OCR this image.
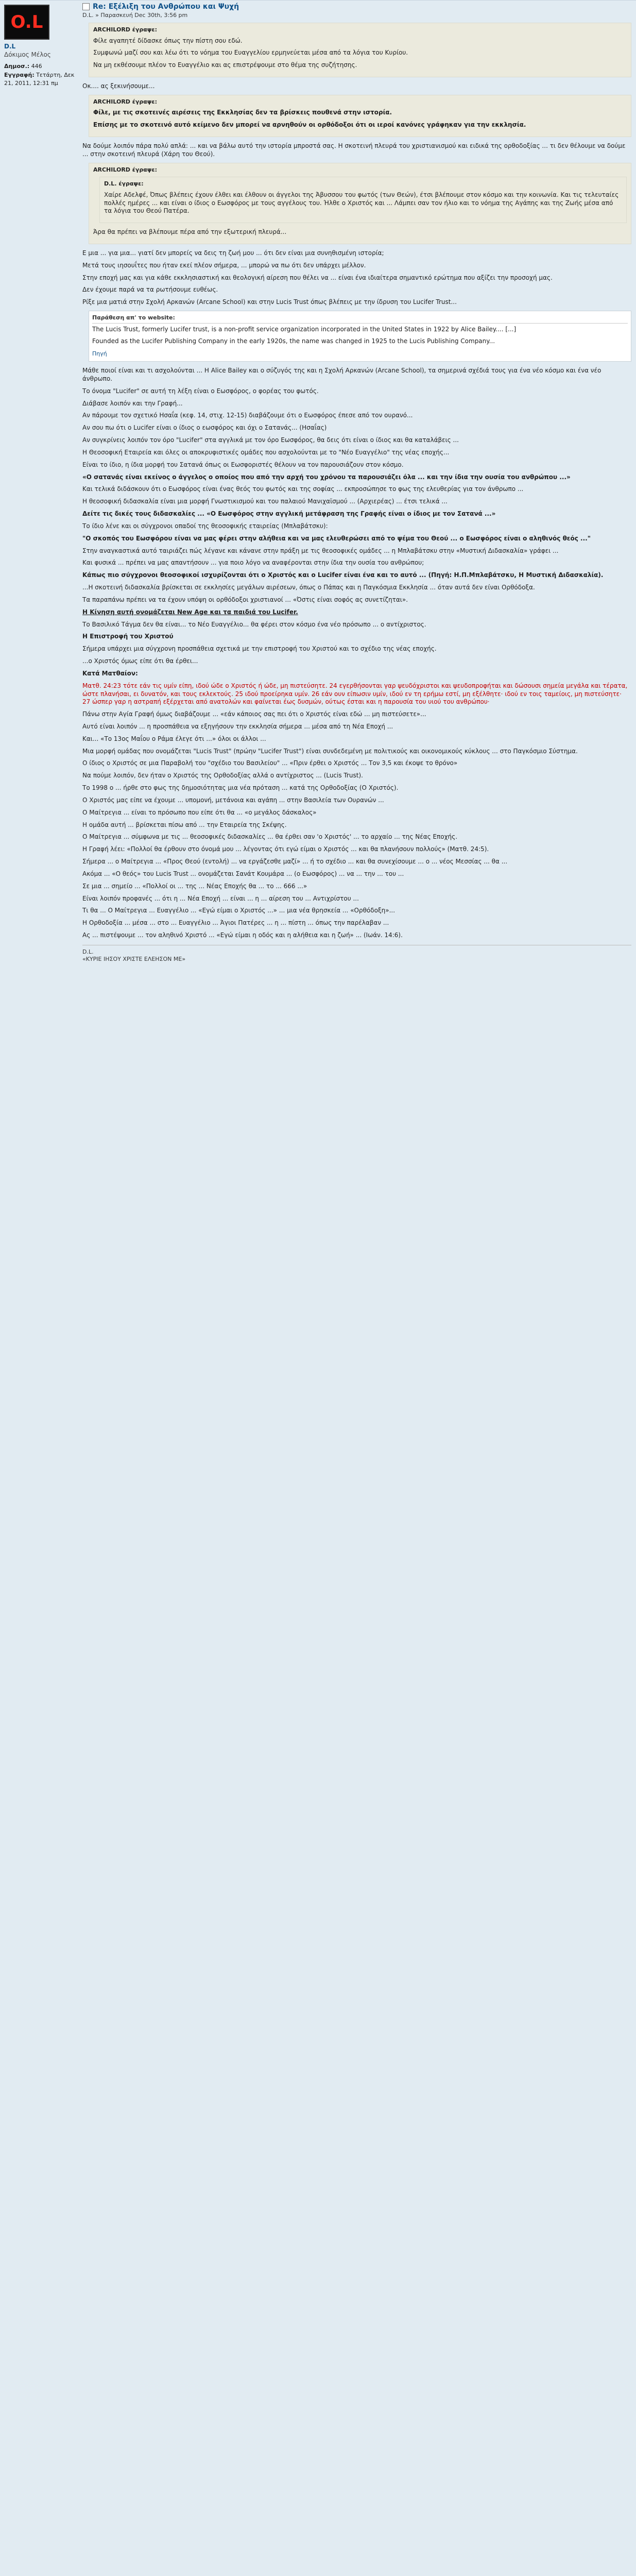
O.L
D.L
Δόκιμος Μέλος
Δημοσ.: 446
Εγγραφή: Τετάρτη, Δεκ 21, 2011, 12:31 πμ
Re: Εξέλιξη του Ανθρώπου και Ψυχή
D.L. » Παρασκευή Dec 30th, 3:56 pm
ARCHILORD έγραψε:

Φίλε αγαπητέ δίδασκε όπως την πίστη σου εδώ.

Συμφωνώ μαζί σου και λέω ότι το νόημα του Ευαγγελίου ερμηνεύεται μέσα από τα λόγια του Κυρίου.

Να μη εκθέσουμε πλέον το Ευαγγέλιο και ας επιστρέψουμε στο θέμα της συζήτησης.

Οκ.... ας ξεκινήσουμε...

ARCHILORD έγραψε:

Φίλε, με τις σκοτεινές αιρέσεις της Εκκλησίας δεν τα βρίσκεις πουθενά στην ιστορία.

Επίσης με το σκοτεινό αυτό κείμενο δεν μπορεί να αρνηθούν οι ορθόδοξοι ότι οι ιεροί κανόνες γράφηκαν για την εκκλησία.

Να δούμε λοιπόν πάρα πολύ απλά: ... και να βάλω αυτό την ιστορία μπροστά σας. Η σκοτεινή πλευρά του χριστιανισμού και ειδικά της ορθοδοξίας ... τι δεν θέλουμε να δούμε ... στην σκοτεινή πλευρά (Χάρη του Θεού).

ARCHILORD έγραψε:
D.L. έγραψε:

Χαίρε Αδελφέ, Όπως βλέπεις έχουν έλθει και έλθουν οι άγγελοι της Άβυσσου του φωτός (των Θεών), έτσι βλέπουμε στον κόσμο και την κοινωνία. Και τις τελευταίες πολλές ημέρες ... και είναι ο ίδιος ο Εωσφόρος με τους αγγέλους του. Ήλθε ο Χριστός και ... Λάμπει σαν τον ήλιο και το νόημα της Αγάπης και της Ζωής μέσα από τα λόγια του Θεού Πατέρα.

Άρα θα πρέπει να βλέπουμε πέρα από την εξωτερική πλευρά...

Ε μια ... για μια... γιατί δεν μπορείς να δεις τη ζωή μου ... ότι δεν είναι μια συνηθισμένη ιστορία;

Μετά τους ιησουΐτες που ήταν εκεί πλέον σήμερα, ... μπορώ να πω ότι δεν υπάρχει μέλλον.

Στην εποχή μας και για κάθε εκκλησιαστική και θεολογική αίρεση που θέλει να ... είναι ένα ιδιαίτερα σημαντικό ερώτημα που αξίζει την προσοχή μας.

Δεν έχουμε παρά να τα ρωτήσουμε ευθέως.

Ρίξε μια ματιά στην Σχολή Αρκανών (Arcane School) και στην Lucis Trust όπως βλέπεις με την ίδρυση του Lucifer Trust...

Παράθεση απ' το website:

The Lucis Trust, formerly Lucifer trust, is a non-profit service organization incorporated in the United States in 1922 by Alice Bailey.... [...]

Founded as the Lucifer Publishing Company in the early 1920s, the name was changed in 1925 to the Lucis Publishing Company...

Πηγή

Μάθε ποιοί είναι και τι ασχολούνται ... Η Alice Bailey και ο σύζυγός της και η Σχολή Αρκανών (Arcane School), τα σημερινά σχέδιά τους για ένα νέο κόσμο και ένα νέο άνθρωπο.

Το όνομα "Lucifer" σε αυτή τη λέξη είναι ο Εωσφόρος, ο φορέας του φωτός.

Διάβασε λοιπόν και την Γραφή...

Αν πάρουμε τον σχετικό Ησαΐα (κεφ. 14, στιχ. 12-15) διαβάζουμε ότι ο Εωσφόρος έπεσε από τον ουρανό...

Αν σου πω ότι ο Lucifer είναι ο ίδιος ο εωσφόρος και όχι ο Σατανάς... (Ησαΐας)

Αν συγκρίνεις λοιπόν τον όρο "Lucifer" στα αγγλικά με τον όρο Εωσφόρος, θα δεις ότι είναι ο ίδιος και θα καταλάβεις ...

Η Θεοσοφική Εταιρεία και όλες οι αποκρυφιστικές ομάδες που ασχολούνται με το "Νέο Ευαγγέλιο" της νέας εποχής...

Είναι το ίδιο, η ίδια μορφή του Σατανά όπως οι Εωσφοριστές θέλουν να τον παρουσιάζουν στον κόσμο.

«Ο σατανάς είναι εκείνος ο άγγελος ο οποίος που από την αρχή του χρόνου τα παρουσιάζει όλα ... και την ίδια την ουσία του ανθρώπου ...»

Και τελικά διδάσκουν ότι ο Εωσφόρος είναι ένας θεός του φωτός και της σοφίας ... εκπροσώπησε το φως της ελευθερίας για τον άνθρωπο ...

Η θεοσοφική διδασκαλία είναι μια μορφή Γνωστικισμού και του παλαιού Μανιχαϊσμού ... (Αρχιερέας) ... έτσι τελικά ...

Δείτε τις δικές τους διδασκαλίες ... «Ο Εωσφόρος στην αγγλική μετάφραση της Γραφής είναι ο ίδιος με τον Σατανά ...»

Το ίδιο λένε και οι σύγχρονοι οπαδοί της θεοσοφικής εταιρείας (Μπλαβάτσκυ):

"Ο σκοπός του Εωσφόρου είναι να μας φέρει στην αλήθεια και να μας ελευθερώσει από το ψέμα του Θεού ... ο Εωσφόρος είναι ο αληθινός θεός ..."

Στην αναγκαστικά αυτό ταιριάζει πώς λέγανε και κάνανε στην πράξη με τις θεοσοφικές ομάδες ... η Μπλαβάτσκυ στην «Μυστική Διδασκαλία» γράφει ...

Και φυσικά ... πρέπει να μας απαντήσουν ... για ποιο λόγο να αναφέρονται στην ίδια την ουσία του ανθρώπου;

Κάπως πιο σύγχρονοι θεοσοφικοί ισχυρίζονται ότι ο Χριστός και ο Lucifer είναι ένα και το αυτό ... (Πηγή: Η.Π.Μπλαβάτσκυ, Η Μυστική Διδασκαλία).

...Η σκοτεινή διδασκαλία βρίσκεται σε εκκλησίες μεγάλων αιρέσεων, όπως ο Πάπας και η Παγκόσμια Εκκλησία ... όταν αυτά δεν είναι Ορθόδοξα.

Τα παραπάνω πρέπει να τα έχουν υπόψη οι ορθόδοξοι χριστιανοί ... «Όστις είναι σοφός ας συνετίζηται».

Η Κίνηση αυτή ονομάζεται New Age και τα παιδιά του Lucifer.

Το Βασιλικό Τάγμα δεν θα είναι... το Νέο Ευαγγέλιο... θα φέρει στον κόσμο ένα νέο πρόσωπο ... ο αντίχριστος.

Η Επιστροφή του Χριστού

Σήμερα υπάρχει μια σύγχρονη προσπάθεια σχετικά με την επιστροφή του Χριστού και το σχέδιο της νέας εποχής.

...ο Χριστός όμως είπε ότι θα έρθει...

Κατά Ματθαίον:

Ματθ. 24:23 τότε εάν τις υμίν είπη, ιδού ώδε ο Χριστός ή ώδε, μη πιστεύσητε. 24 εγερθήσονται γαρ ψευδόχριστοι και ψευδοπροφήται και δώσουσι σημεία μεγάλα και τέρατα, ώστε πλανήσαι, ει δυνατόν, και τους εκλεκτούς. 25 ιδού προείρηκα υμίν. 26 εάν ουν είπωσιν υμίν, ιδού εν τη ερήμω εστί, μη εξέλθητε· ιδού εν τοις ταμείοις, μη πιστεύσητε· 27 ώσπερ γαρ η αστραπή εξέρχεται από ανατολών και φαίνεται έως δυσμών, ούτως έσται και η παρουσία του υιού του ανθρώπου·

Πάνω στην Αγία Γραφή όμως διαβάζουμε ... «εάν κάποιος σας πει ότι ο Χριστός είναι εδώ ... μη πιστεύσετε»...

Αυτό είναι λοιπόν ... η προσπάθεια να εξηγήσουν την εκκλησία σήμερα ... μέσα από τη Νέα Εποχή ...

Και... «Το 13ος Μαΐου ο Ράμα έλεγε ότι ...» όλοι οι άλλοι ...

Μια μορφή ομάδας που ονομάζεται "Lucis Trust" (πρώην "Lucifer Trust") είναι συνδεδεμένη με πολιτικούς και οικονομικούς κύκλους ... στο Παγκόσμιο Σύστημα.

Ο ίδιος ο Χριστός σε μια Παραβολή του "σχέδιο του Βασιλείου" ... «Πριν έρθει ο Χριστός ... Τον 3,5 και έκοψε το θρόνο»

Να πούμε λοιπόν, δεν ήταν ο Χριστός της Ορθοδοξίας αλλά ο αντίχριστος ... (Lucis Trust).

Το 1998 ο ... ήρθε στο φως της δημοσιότητας μια νέα πρόταση ... κατά της Ορθοδοξίας (Ο Χριστός).

Ο Χριστός μας είπε να έχουμε ... υπομονή, μετάνοια και αγάπη ... στην Βασιλεία των Ουρανών ...

Ο Μαίτρεγια ... είναι το πρόσωπο που είπε ότι θα ... «ο μεγάλος δάσκαλος»

Η ομάδα αυτή ... βρίσκεται πίσω από ... την Εταιρεία της Σκέψης.

Ο Μαίτρεγια ... σύμφωνα με τις ... θεοσοφικές διδασκαλίες ... θα έρθει σαν 'ο Χριστός' ... το αρχαίο ... της Νέας Εποχής.

Η Γραφή λέει: «Πολλοί θα έρθουν στο όνομά μου ... λέγοντας ότι εγώ είμαι ο Χριστός ... και θα πλανήσουν πολλούς» (Ματθ. 24:5).

Σήμερα ... ο Μαίτρεγια ... «Προς Θεού (εντολή) ... να εργάζεσθε μαζί» ... ή το σχέδιο ... και θα συνεχίσουμε ... ο ... νέος Μεσσίας ... θα ...

Ακόμα ... «Ο θεός» του Lucis Trust ... ονομάζεται Σανάτ Κουμάρα ... (ο Εωσφόρος) ... να ... την ... του ...

Σε μια ... σημείο ... «Πολλοί οι ... της ... Νέας Εποχής θα ... το ... 666 ...»

Είναι λοιπόν προφανές ... ότι η ... Νέα Εποχή ... είναι ... η ... αίρεση του ... Αντιχρίστου ...

Τι θα ... Ο Μαίτρεγια ... Ευαγγέλιο ... «Εγώ είμαι ο Χριστός ...» ... μια νέα θρησκεία ... «Ορθόδοξη»...

Η Ορθοδοξία ... μέσα ... στο ... Ευαγγέλιο ... Άγιοι Πατέρες ... η ... πίστη ... όπως την παρέλαβαν ...

Ας ... πιστέψουμε ... τον αληθινό Χριστό ... «Εγώ είμαι η οδός και η αλήθεια και η ζωή» ... (Ιωάν. 14:6).

D.L.
«ΚΥΡΙΕ ΙΗΣΟΥ ΧΡΙΣΤΕ ΕΛΕΗΣΟΝ ΜΕ»
